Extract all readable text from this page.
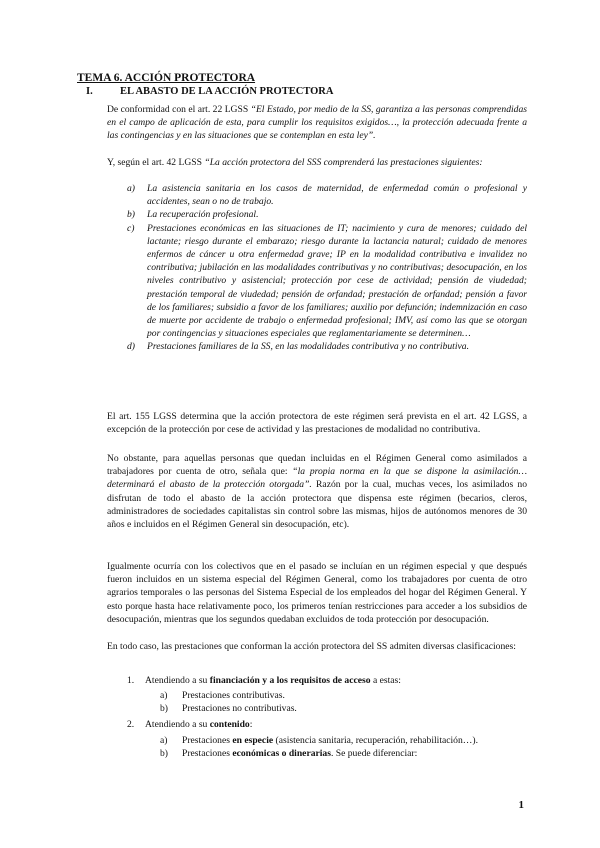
TEMA 6. ACCIÓN PROTECTORA
I.	EL ABASTO DE LA ACCIÓN PROTECTORA

De conformidad con el art. 22 LGSS “El Estado, por medio de la SS, garantiza a las personas comprendidas en el campo de aplicación de esta, para cumplir los requisitos exigidos…, la protección adecuada frente a las contingencias y en las situaciones que se contemplan en esta ley”.

Y, según el art. 42 LGSS “La acción protectora del SSS comprenderá las prestaciones siguientes:

a)	La asistencia sanitaria en los casos de maternidad, de enfermedad común o profesional y accidentes, sean o no de trabajo.
b)	La recuperación profesional.
c)	Prestaciones económicas en las situaciones de IT; nacimiento y cura de menores; cuidado del lactante; riesgo durante el embarazo; riesgo durante la lactancia natural; cuidado de menores enfermos de cáncer u otra enfermedad grave; IP en la modalidad contributiva e invalidez no contributiva; jubilación en las modalidades contributivas y no contributivas; desocupación, en los niveles contributivo y asistencial; protección por cese de actividad; pensión de viudedad; prestación temporal de viudedad; pensión de orfandad; prestación de orfandad; pensión a favor de los familiares; subsidio a favor de los familiares; auxilio por defunción; indemnización en caso de muerte por accidente de trabajo o enfermedad profesional; IMV, así como las que se otorgan por contingencias y situaciones especiales que reglamentariamente se determinen…
d)	Prestaciones familiares de la SS, en las modalidades contributiva y no contributiva.

El art. 155 LGSS determina que la acción protectora de este régimen será prevista en el art. 42 LGSS, a excepción de la protección por cese de actividad y las prestaciones de modalidad no contributiva.

No obstante, para aquellas personas que quedan incluidas en el Régimen General como asimilados a trabajadores por cuenta de otro, señala que: “la propia norma en la que se dispone la asimilación… determinará el abasto de la protección otorgada”. Razón por la cual, muchas veces, los asimilados no disfrutan de todo el abasto de la acción protectora que dispensa este régimen (becarios, cleros, administradores de sociedades capitalistas sin control sobre las mismas, hijos de autónomos menores de 30 años e incluidos en el Régimen General sin desocupación, etc).

Igualmente ocurría con los colectivos que en el pasado se incluían en un régimen especial y que después fueron incluidos en un sistema especial del Régimen General, como los trabajadores por cuenta de otro agrarios temporales o las personas del Sistema Especial de los empleados del hogar del Régimen General. Y esto porque hasta hace relativamente poco, los primeros tenían restricciones para acceder a los subsidios de desocupación, mientras que los segundos quedaban excluidos de toda protección por desocupación.

En todo caso, las prestaciones que conforman la acción protectora del SS admiten diversas clasificaciones:

1.	Atendiendo a su financiación y a los requisitos de acceso a estas:
a)	Prestaciones contributivas.
b)	Prestaciones no contributivas.
2.	Atendiendo a su contenido:
a)	Prestaciones en especie (asistencia sanitaria, recuperación, rehabilitación…).
b)	Prestaciones económicas o dinerarias. Se puede diferenciar:
1
